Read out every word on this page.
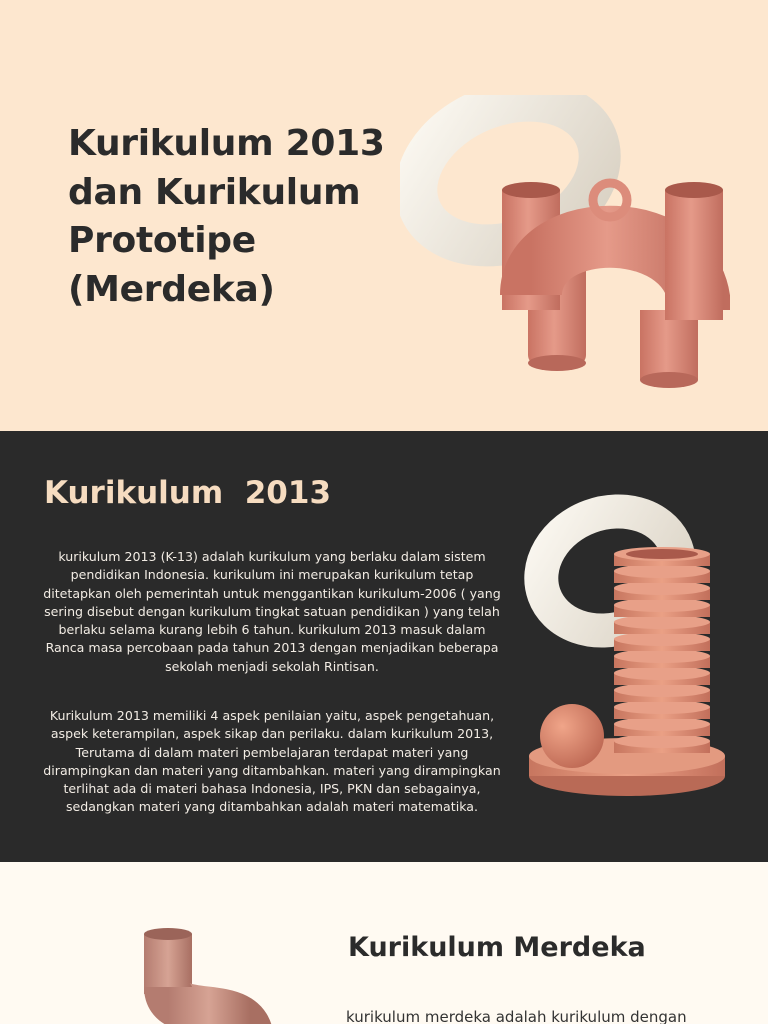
Kurikulum 2013
dan Kurikulum
Prototipe
(Merdeka)
Kurikulum  2013

kurikulum 2013 (K-13) adalah kurikulum yang berlaku dalam sistem pendidikan Indonesia. kurikulum ini merupakan kurikulum tetap ditetapkan oleh pemerintah untuk menggantikan kurikulum-2006 ( yang sering disebut dengan kurikulum tingkat satuan pendidikan ) yang telah berlaku selama kurang lebih 6 tahun. kurikulum 2013 masuk dalam Ranca masa percobaan pada tahun 2013 dengan menjadikan beberapa sekolah menjadi sekolah Rintisan.

Kurikulum 2013 memiliki 4 aspek penilaian yaitu, aspek pengetahuan, aspek keterampilan, aspek sikap dan perilaku. dalam kurikulum 2013, Terutama di dalam materi pembelajaran terdapat materi yang dirampingkan dan materi yang ditambahkan. materi yang dirampingkan terlihat ada di materi bahasa Indonesia, IPS, PKN dan sebagainya, sedangkan materi yang ditambahkan adalah materi matematika.

Kurikulum Merdeka

kurikulum merdeka adalah kurikulum dengan
